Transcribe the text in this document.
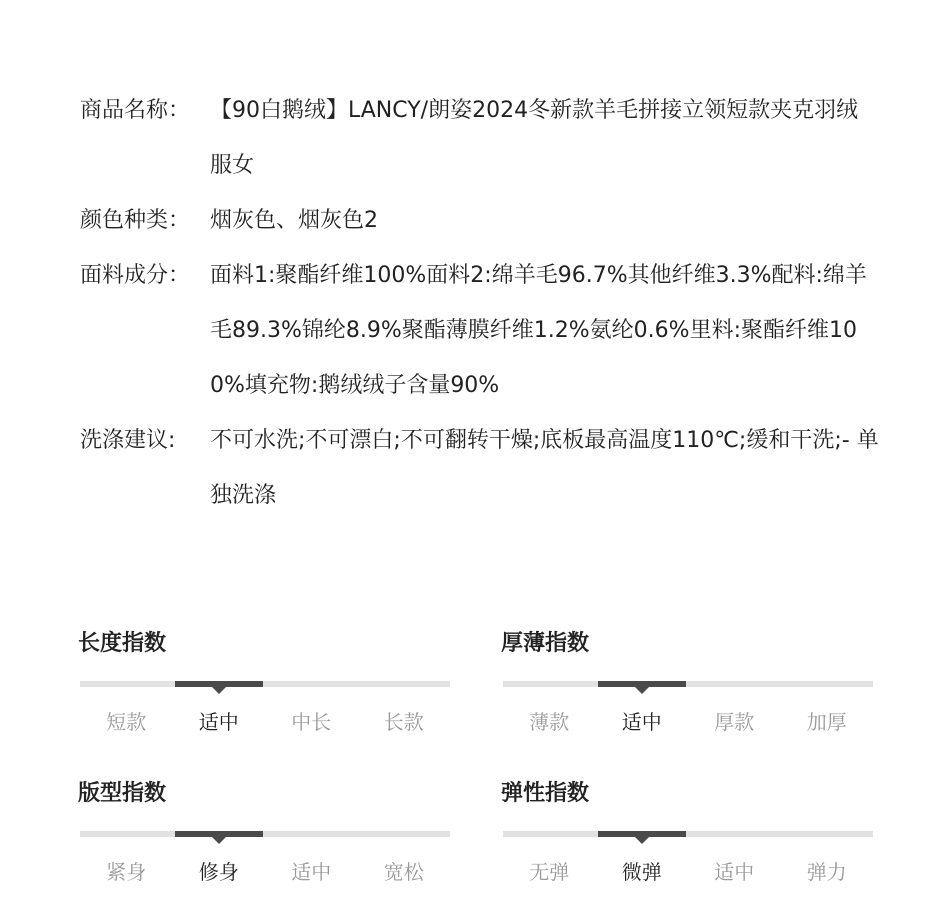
商品名称： 【90白鹅绒】LANCY/朗姿2024冬新款羊毛拼接立领短款夹克羽绒服女
颜色种类： 烟灰色、烟灰色2
面料成分： 面料1:聚酯纤维100%面料2:绵羊毛96.7%其他纤维3.3%配料:绵羊毛89.3%锦纶8.9%聚酯薄膜纤维1.2%氨纶0.6%里料:聚酯纤维100%填充物:鹅绒绒子含量90%
洗涤建议:	不可水洗;不可漂白;不可翻转干燥;底板最高温度110℃;缓和干洗;- 单独洗涤
长度指数
短款	适中	中长	长款
厚薄指数
薄款	适中	厚款	加厚
版型指数
紧身	修身	适中	宽松
弹性指数
无弹	微弹	适中	弹力
